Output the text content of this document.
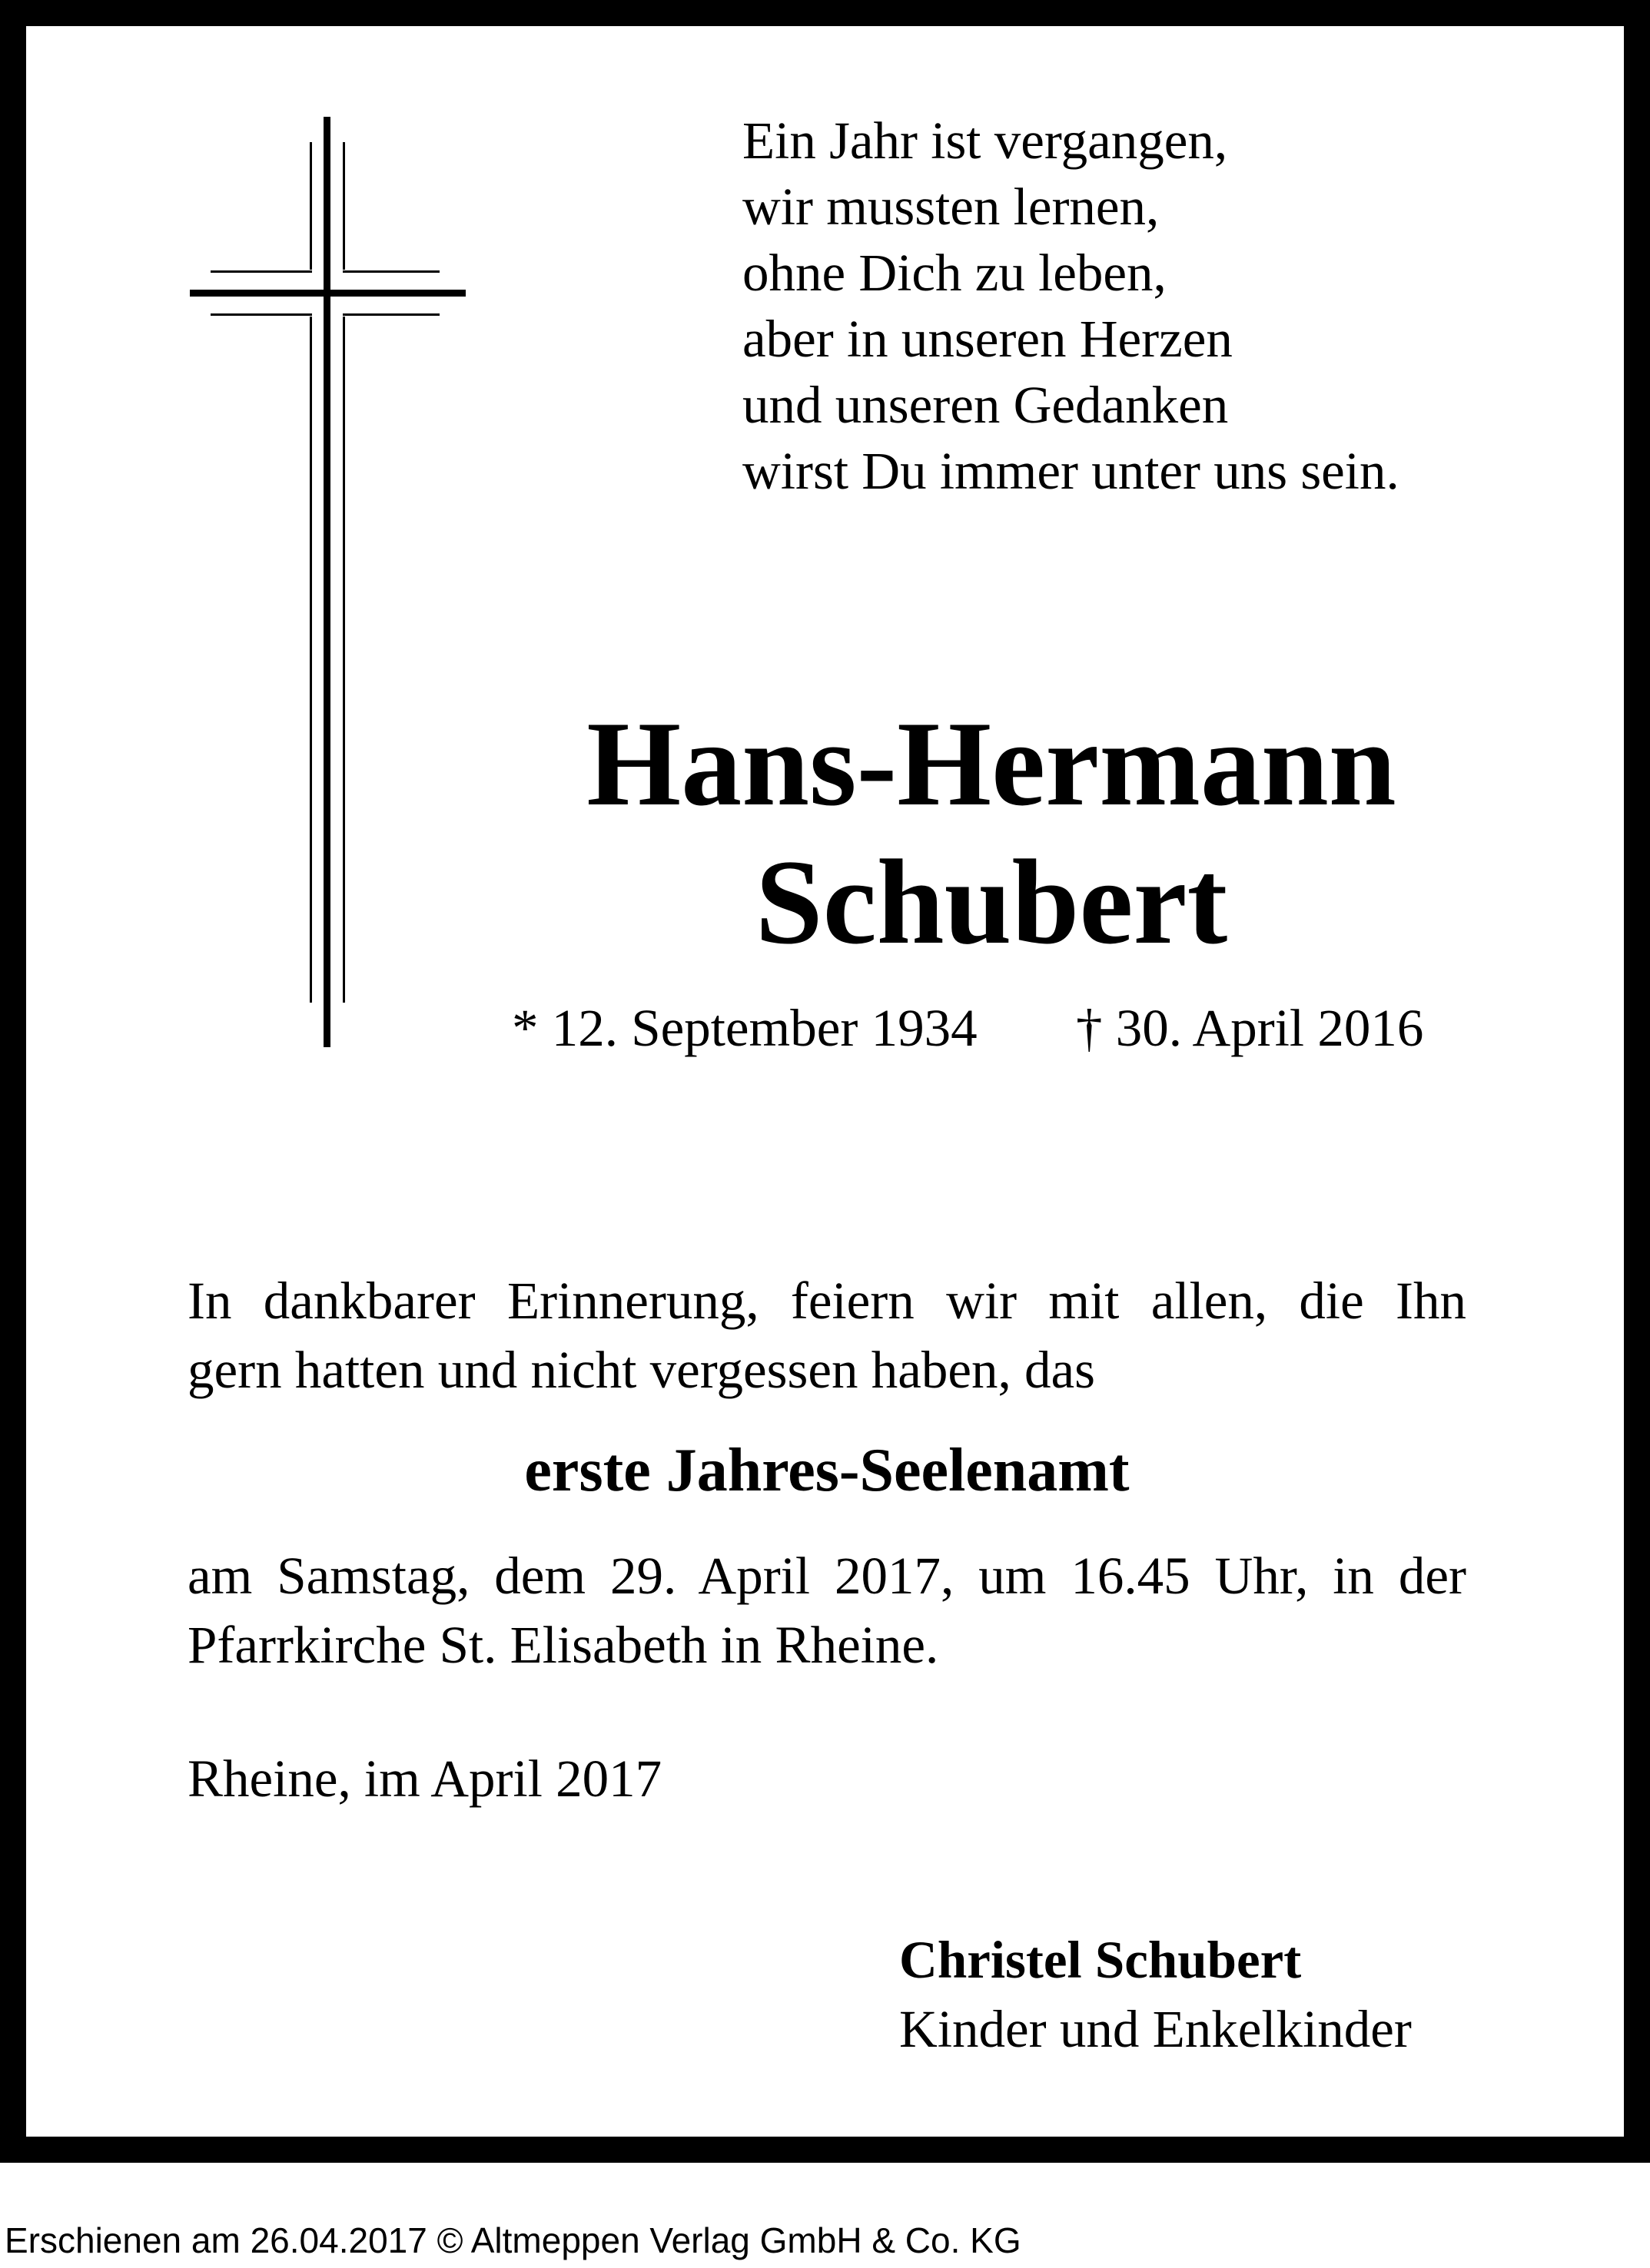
Ein Jahr ist vergangen,
wir mussten lernen,
ohne Dich zu leben,
aber in unseren Herzen
und unseren Gedanken
wirst Du immer unter uns sein.
Hans-Hermann
Schubert
* 12. September 1934 † 30. April 2016
In dankbarer Erinnerung, feiern wir mit allen, die Ihn
gern hatten und nicht vergessen haben, das
erste Jahres-Seelenamt
am Samstag, dem 29. April 2017, um 16.45 Uhr, in der
Pfarrkirche St. Elisabeth in Rheine.
Rheine, im April 2017
Christel Schubert
Kinder und Enkelkinder
Erschienen am 26.04.2017 © Altmeppen Verlag GmbH & Co. KG
